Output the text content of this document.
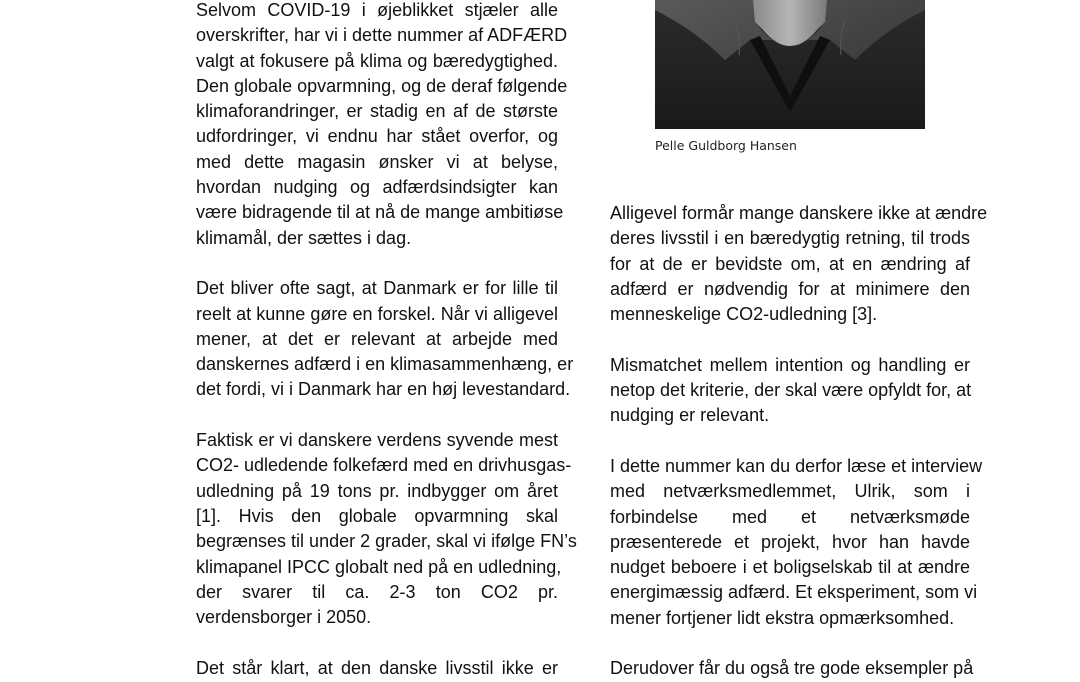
Selvom COVID-19 i øjeblikket stjæler alle
overskrifter, har vi i dette nummer af ADFÆRD
valgt at fokusere på klima og bæredygtighed.
Den globale opvarmning, og de deraf følgende
klimaforandringer, er stadig en af de største
udfordringer, vi endnu har stået overfor, og
med dette magasin ønsker vi at belyse,
hvordan nudging og adfærdsindsigter kan
være bidragende til at nå de mange ambitiøse
klimamål, der sættes i dag.
Det bliver ofte sagt, at Danmark er for lille til
reelt at kunne gøre en forskel. Når vi alligevel
mener, at det er relevant at arbejde med
danskernes adfærd i en klimasammenhæng, er
det fordi, vi i Danmark har en høj levestandard.
Faktisk er vi danskere verdens syvende mest
CO2- udledende folkefærd med en drivhusgas-
udledning på 19 tons pr. indbygger om året
[1]. Hvis den globale opvarmning skal
begrænses til under 2 grader, skal vi ifølge FN’s
klimapanel IPCC globalt ned på en udledning,
der svarer til ca. 2-3 ton CO2 pr.
verdensborger i 2050.
Det står klart, at den danske livsstil ikke er
Pelle Guldborg Hansen
Alligevel formår mange danskere ikke at ændre
deres livsstil i en bæredygtig retning, til trods
for at de er bevidste om, at en ændring af
adfærd er nødvendig for at minimere den
menneskelige CO2-udledning [3].
Mismatchet mellem intention og handling er
netop det kriterie, der skal være opfyldt for, at
nudging er relevant.
I dette nummer kan du derfor læse et interview
med netværksmedlemmet, Ulrik, som i
forbindelse med et netværksmøde
præsenterede et projekt, hvor han havde
nudget beboere i et boligselskab til at ændre
energimæssig adfærd. Et eksperiment, som vi
mener fortjener lidt ekstra opmærksomhed.
Derudover får du også tre gode eksempler på
